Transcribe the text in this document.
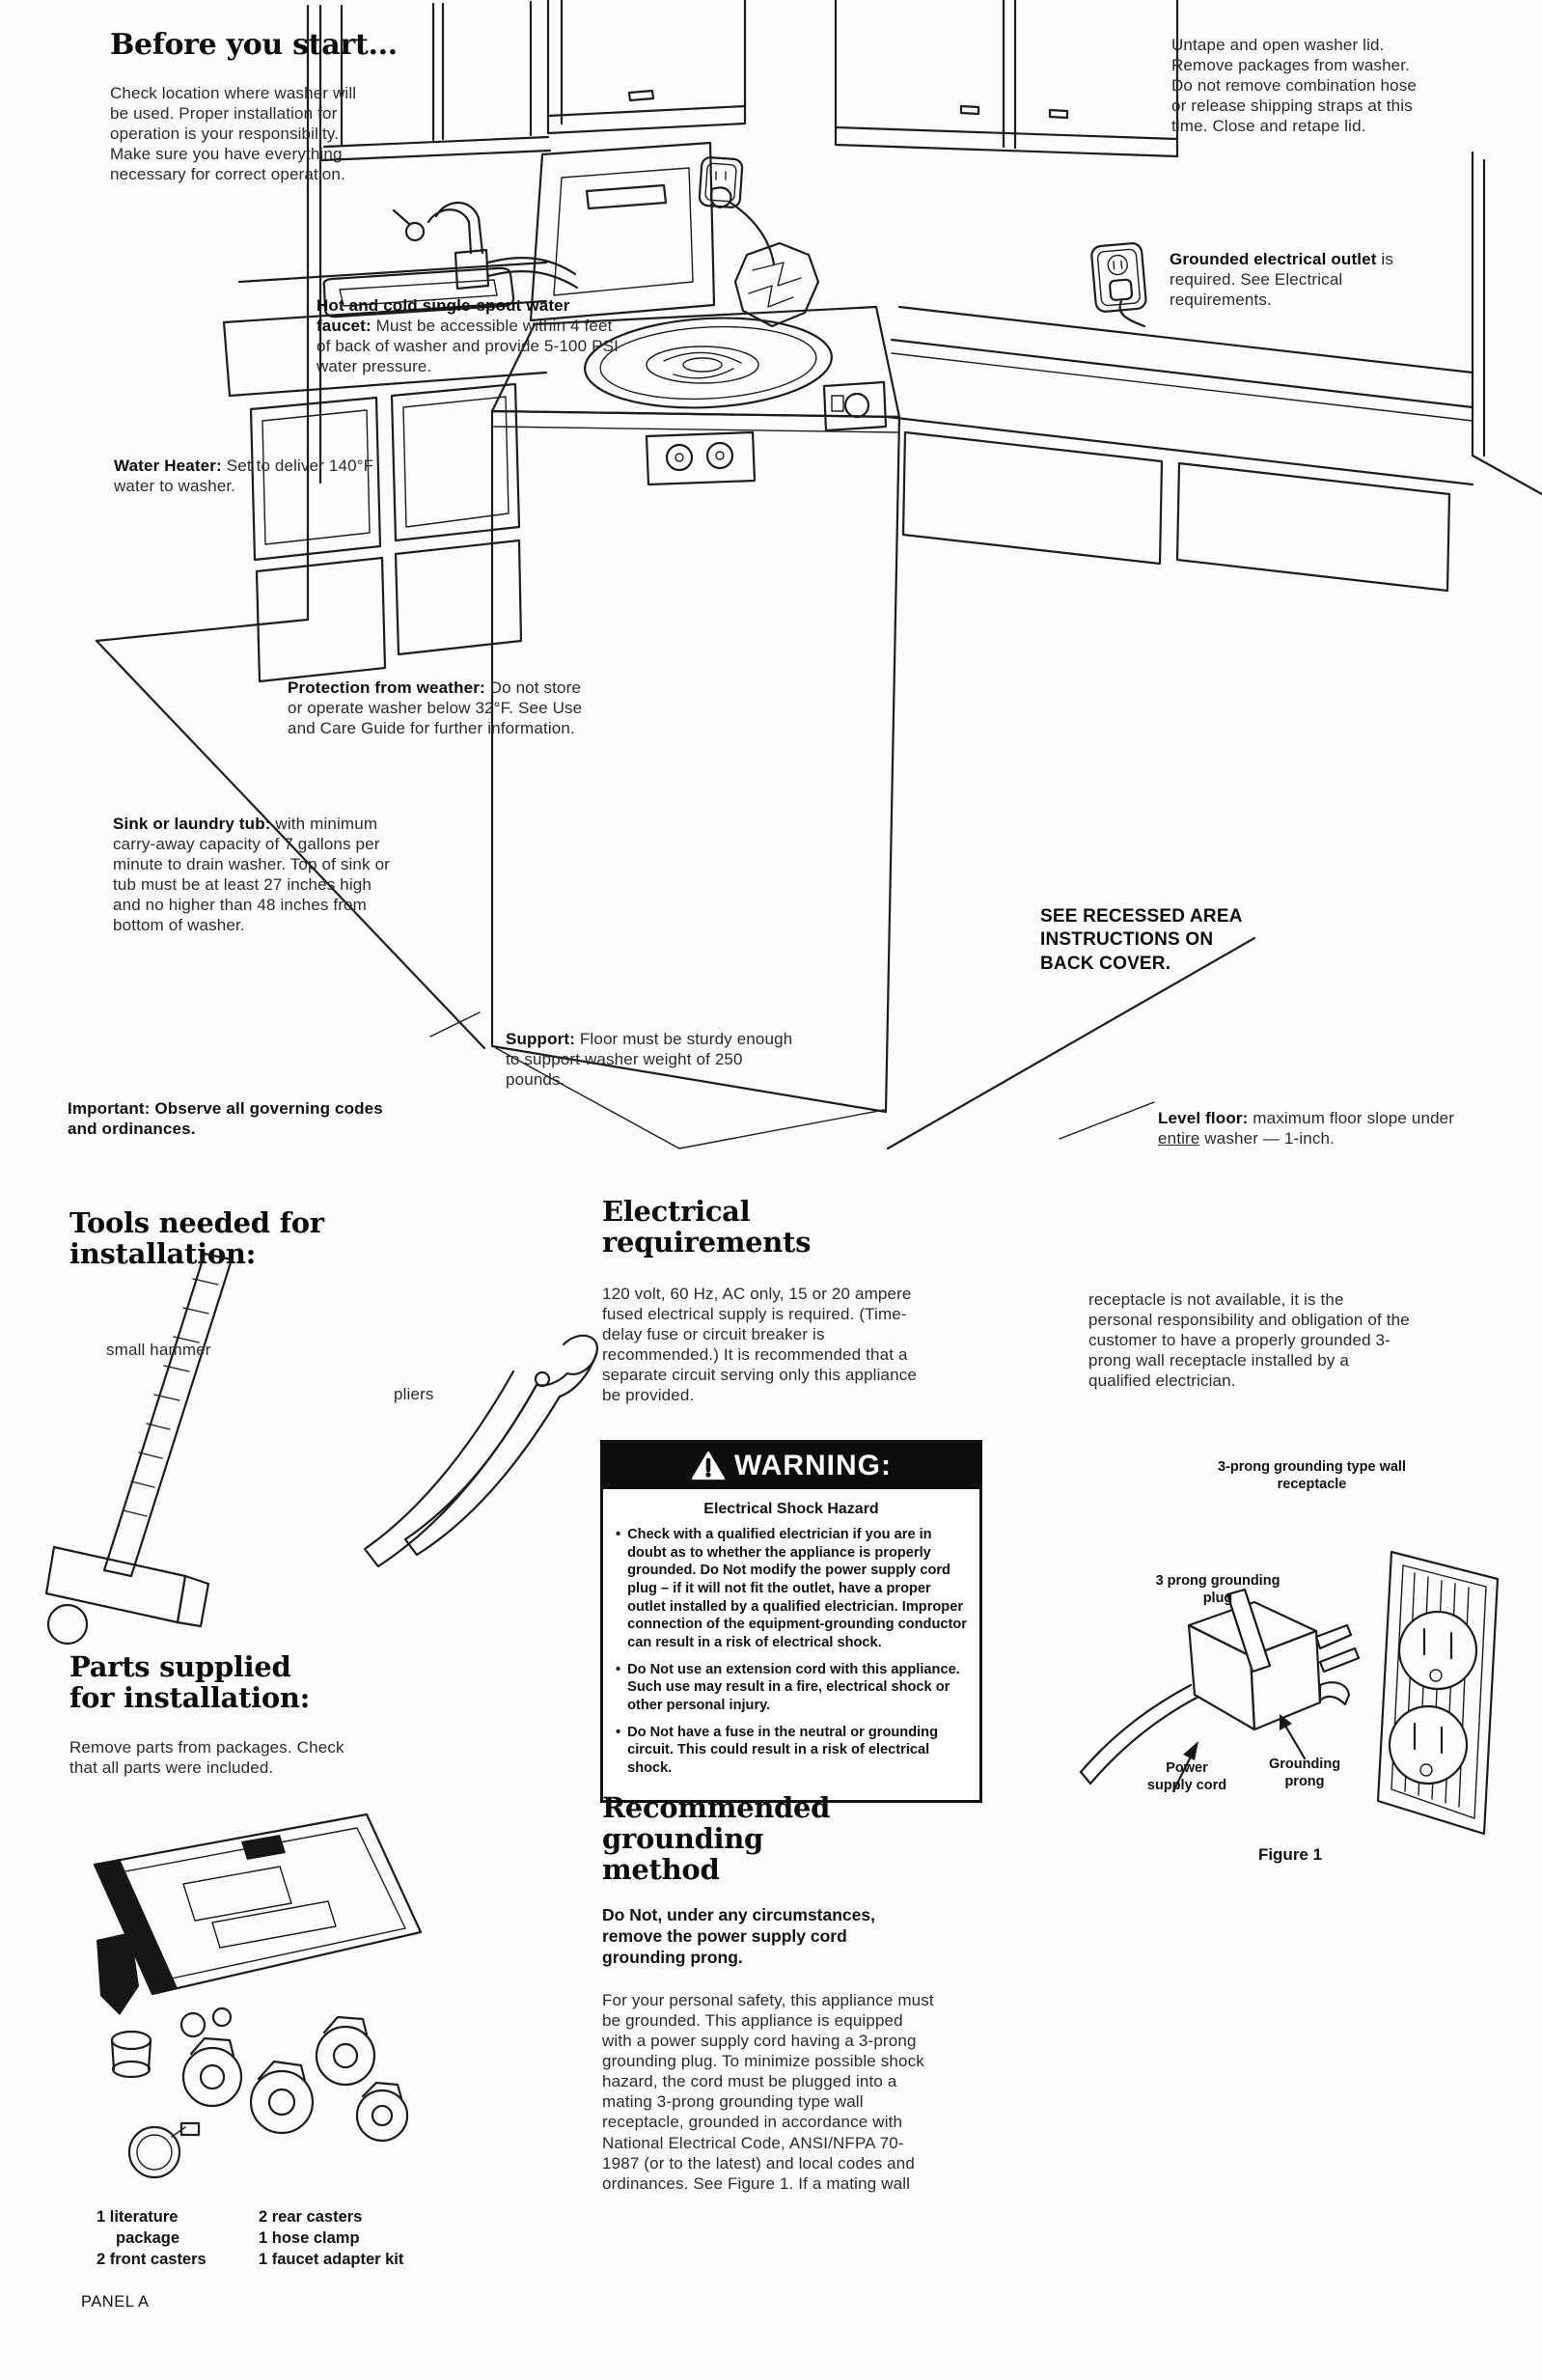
Before you start...
Check location where washer will be used. Proper installation for operation is your responsibility. Make sure you have everything necessary for correct operation.
Untape and open washer lid. Remove packages from washer. Do not remove combination hose or release shipping straps at this time. Close and retape lid.
Grounded electrical outlet is required. See Electrical requirements.
Hot and cold single-spout water faucet: Must be accessible within 4 feet of back of washer and provide 5-100 PSI water pressure.
Water Heater: Set to deliver 140°F water to washer.
Protection from weather: Do not store or operate washer below 32°F. See Use and Care Guide for further information.
Sink or laundry tub: with minimum carry-away capacity of 7 gallons per minute to drain washer. Top of sink or tub must be at least 27 inches high and no higher than 48 inches from bottom of washer.	SEE RECESSED AREA INSTRUCTIONS ON BACK COVER.
Support: Floor must be sturdy enough to support washer weight of 250 pounds.
Important: Observe all governing codes and ordinances.
Level floor: maximum floor slope under entire washer — 1-inch.
Tools needed for installation:
small hammer
pliers
Parts supplied for installation:
Remove parts from packages. Check that all parts were included.
1 literature package
2 front casters
2 rear casters
1 hose clamp
1 faucet adapter kit
PANEL A
Electrical requirements
120 volt, 60 Hz, AC only, 15 or 20 ampere fused electrical supply is required. (Time-delay fuse or circuit breaker is recommended.) It is recommended that a separate circuit serving only this appliance be provided.
WARNING:
Electrical Shock Hazard
• Check with a qualified electrician if you are in doubt as to whether the appliance is properly grounded. Do Not modify the power supply cord plug – if it will not fit the outlet, have a proper outlet installed by a qualified electrician. Improper connection of the equipment-grounding conductor can result in a risk of electrical shock.
• Do Not use an extension cord with this appliance. Such use may result in a fire, electrical shock or other personal injury.
• Do Not have a fuse in the neutral or grounding circuit. This could result in a risk of electrical shock.
Recommended grounding method
Do Not, under any circumstances, remove the power supply cord grounding prong.
For your personal safety, this appliance must be grounded. This appliance is equipped with a power supply cord having a 3-prong grounding plug. To minimize possible shock hazard, the cord must be plugged into a mating 3-prong grounding type wall receptacle, grounded in accordance with National Electrical Code, ANSI/NFPA 70-1987 (or to the latest) and local codes and ordinances. See Figure 1. If a mating wall
receptacle is not available, it is the personal responsibility and obligation of the customer to have a properly grounded 3-prong wall receptacle installed by a qualified electrician.
3-prong grounding type wall receptacle
3 prong grounding plug
Power supply cord
Grounding prong
Figure 1
